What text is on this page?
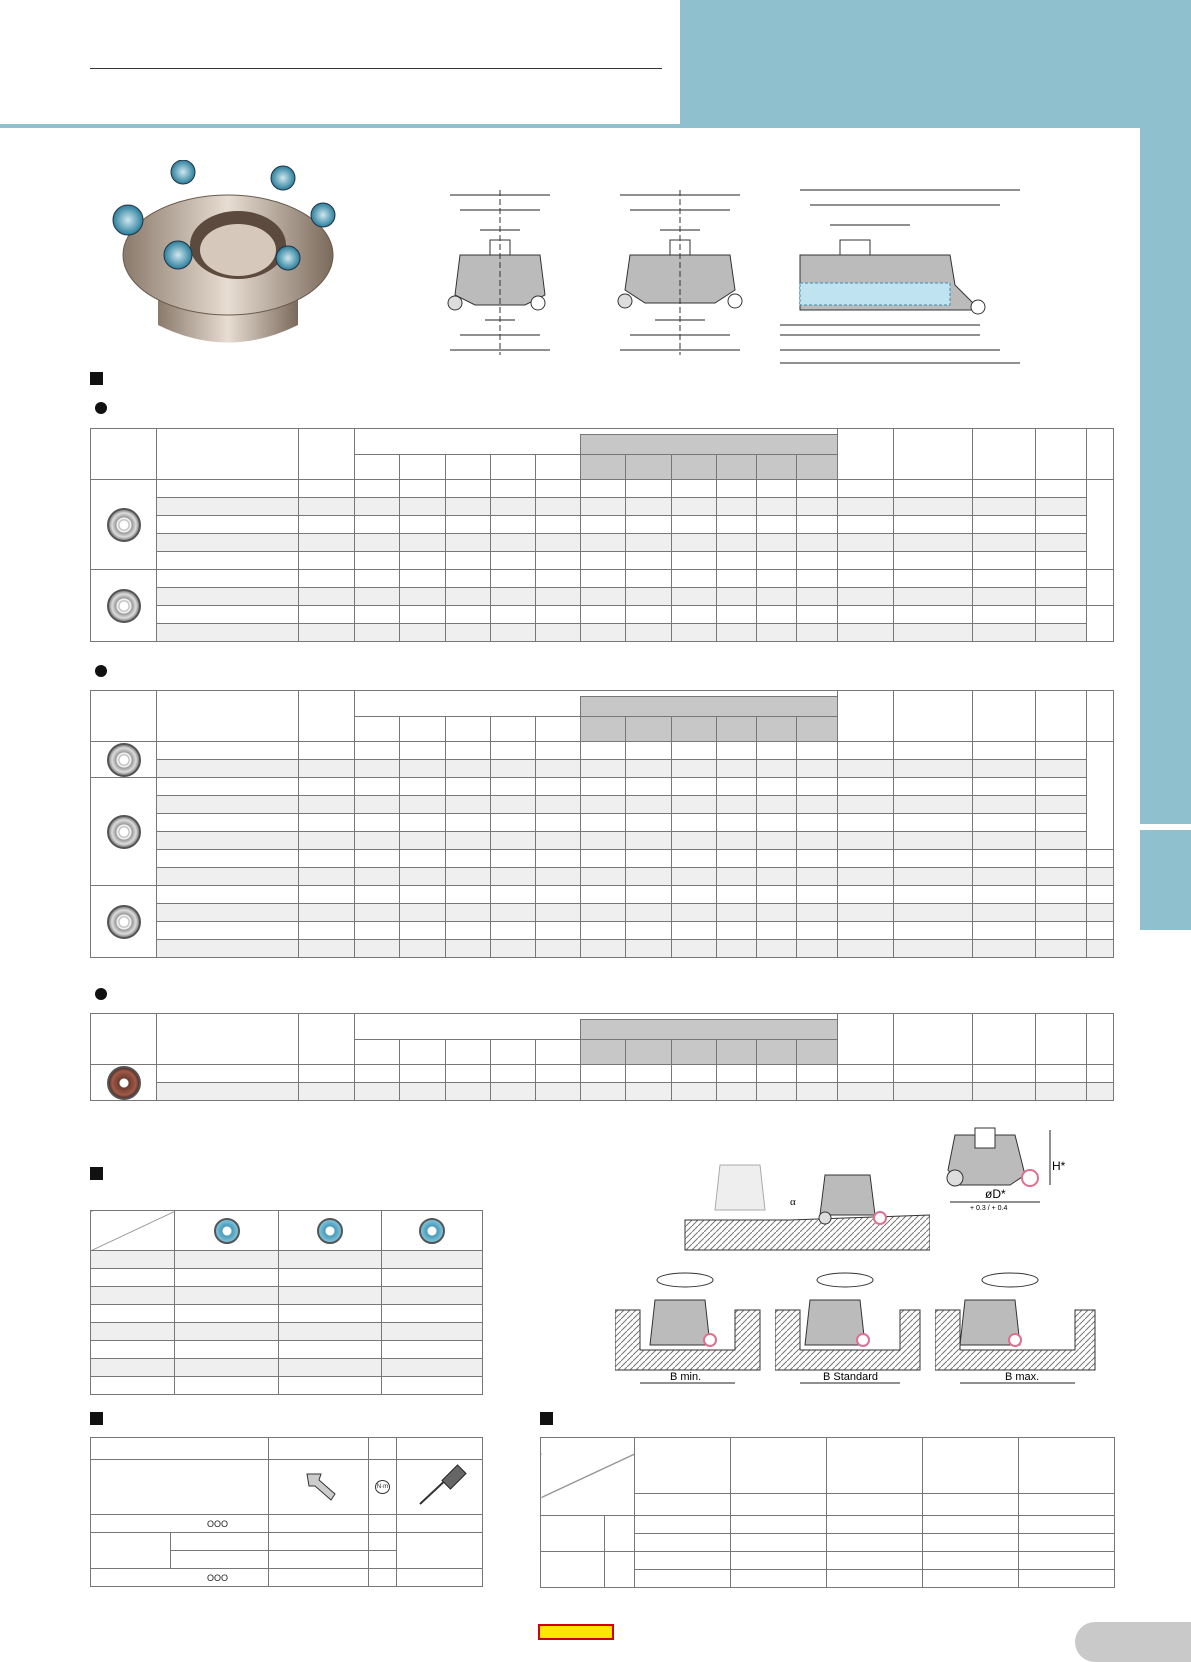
H*
øD*
+ 0,3 / + 0,4
α
B min.	B Standard	B max.

		N·m	
OOO				

OOO				
